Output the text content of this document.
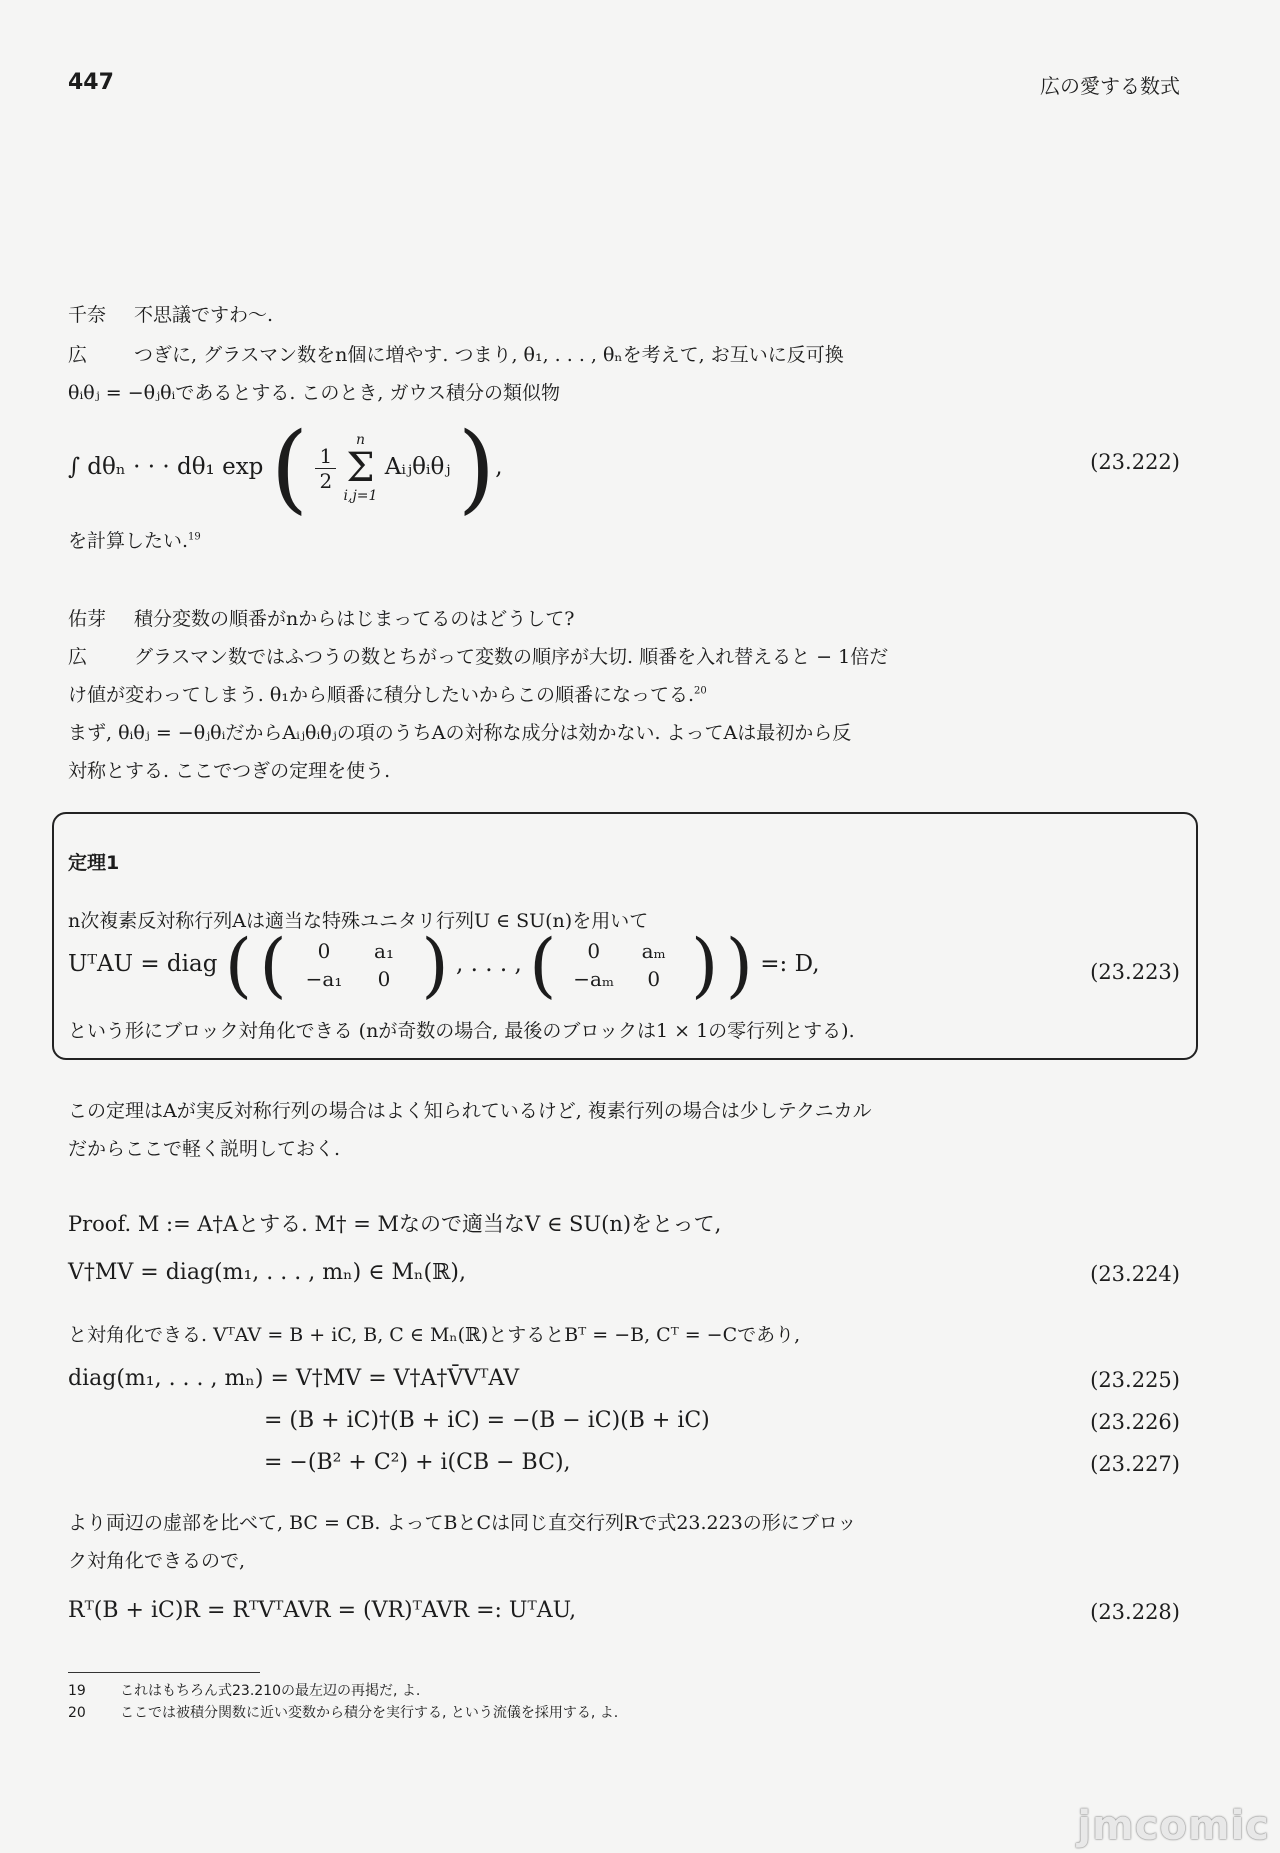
447	広の愛する数式
千奈 不思議ですわ〜.
広 つぎに, グラスマン数をn個に増やす. つまり, θ₁, . . . , θₙを考えて, お互いに反可換
θᵢθⱼ = −θⱼθᵢであるとする. このとき, ガウス積分の類似物
∫ dθₙ · · · dθ₁ exp ( $\frac{1}{2}$

n
Σ
i,j=1
Aᵢⱼθᵢθⱼ ),	(23.222)
を計算したい.$^{19}$
佑芽 積分変数の順番がnからはじまってるのはどうして?
広 グラスマン数ではふつうの数とちがって変数の順序が大切. 順番を入れ替えると − 1倍だ
け値が変わってしまう. θ₁から順番に積分したいからこの順番になってる.$^{20}$
まず, θᵢθⱼ = −θⱼθᵢだからAᵢⱼθᵢθⱼの項のうちAの対称な成分は効かない. よってAは最初から反
対称とする. ここでつぎの定理を使う.
定理1
n次複素反対称行列Aは適当な特殊ユニタリ行列U ∈ SU(n)を用いて
UᵀAU = diag ( (	0	a₁
−a₁	0 ) , . . . , (	0	aₘ
−aₘ	0 ) ) =: D,	(23.223)
という形にブロック対角化できる (nが奇数の場合, 最後のブロックは1 × 1の零行列とする).
この定理はAが実反対称行列の場合はよく知られているけど, 複素行列の場合は少しテクニカル
だからここで軽く説明しておく.
Proof. M := A†Aとする. M† = Mなので適当なV ∈ SU(n)をとって,
V†MV = diag(m₁, . . . , mₙ) ∈ Mₙ(ℝ),	(23.224)
と対角化できる. VᵀAV = B + iC, B, C ∈ Mₙ(ℝ)とするとBᵀ = −B, Cᵀ = −Cであり,
diag(m₁, . . . , mₙ) = V†MV = V†A†V̄VᵀAV	(23.225)
= (B + iC)†(B + iC) = −(B − iC)(B + iC)	(23.226)
= −(B² + C²) + i(CB − BC),	(23.227)
より両辺の虚部を比べて, BC = CB. よってBとCは同じ直交行列Rで式23.223の形にブロッ
ク対角化できるので,
Rᵀ(B + iC)R = RᵀVᵀAVR = (VR)ᵀAVR =: UᵀAU,	(23.228)
19 これはもちろん式23.210の最左辺の再掲だ, よ.
20 ここでは被積分関数に近い変数から積分を実行する, という流儀を採用する, よ.
jmcomic
